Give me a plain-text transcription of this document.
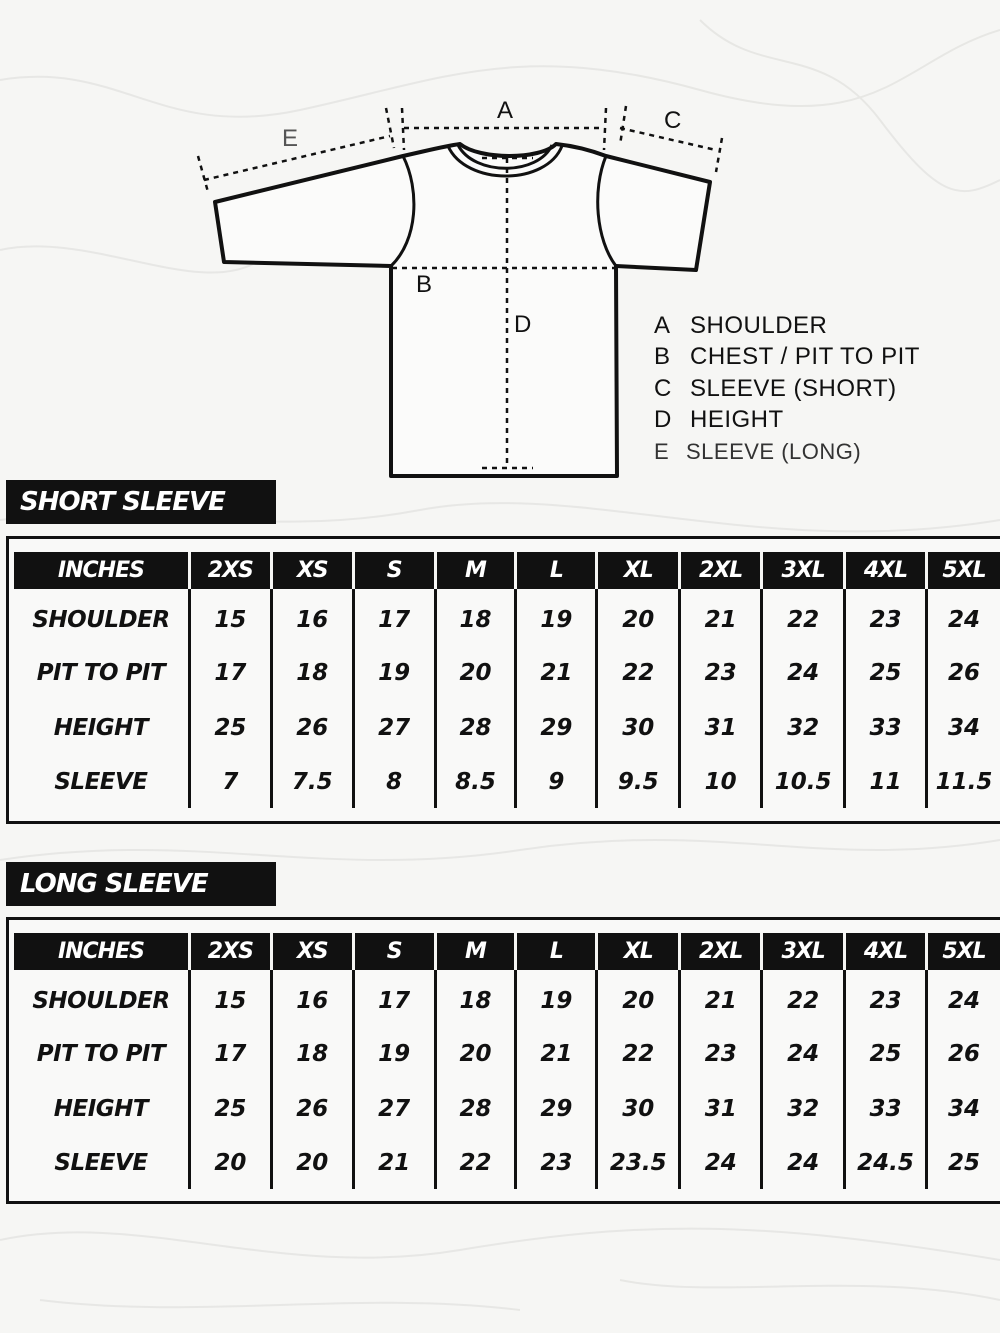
A
B
C
D
E
A SHOULDER
B CHEST / PIT TO PIT
C SLEEVE (SHORT)
D HEIGHT
E SLEEVE (LONG)
SHORT SLEEVE
INCHES	2XS	XS	S	M	L	XL	2XL	3XL	4XL	5XL
SHOULDER	15	16	17	18	19	20	21	22	23	24
PIT TO PIT	17	18	19	20	21	22	23	24	25	26
HEIGHT	25	26	27	28	29	30	31	32	33	34
SLEEVE	7	7.5	8	8.5	9	9.5	10	10.5	11	11.5
LONG SLEEVE
INCHES	2XS	XS	S	M	L	XL	2XL	3XL	4XL	5XL
SHOULDER	15	16	17	18	19	20	21	22	23	24
PIT TO PIT	17	18	19	20	21	22	23	24	25	26
HEIGHT	25	26	27	28	29	30	31	32	33	34
SLEEVE	20	20	21	22	23	23.5	24	24	24.5	25
